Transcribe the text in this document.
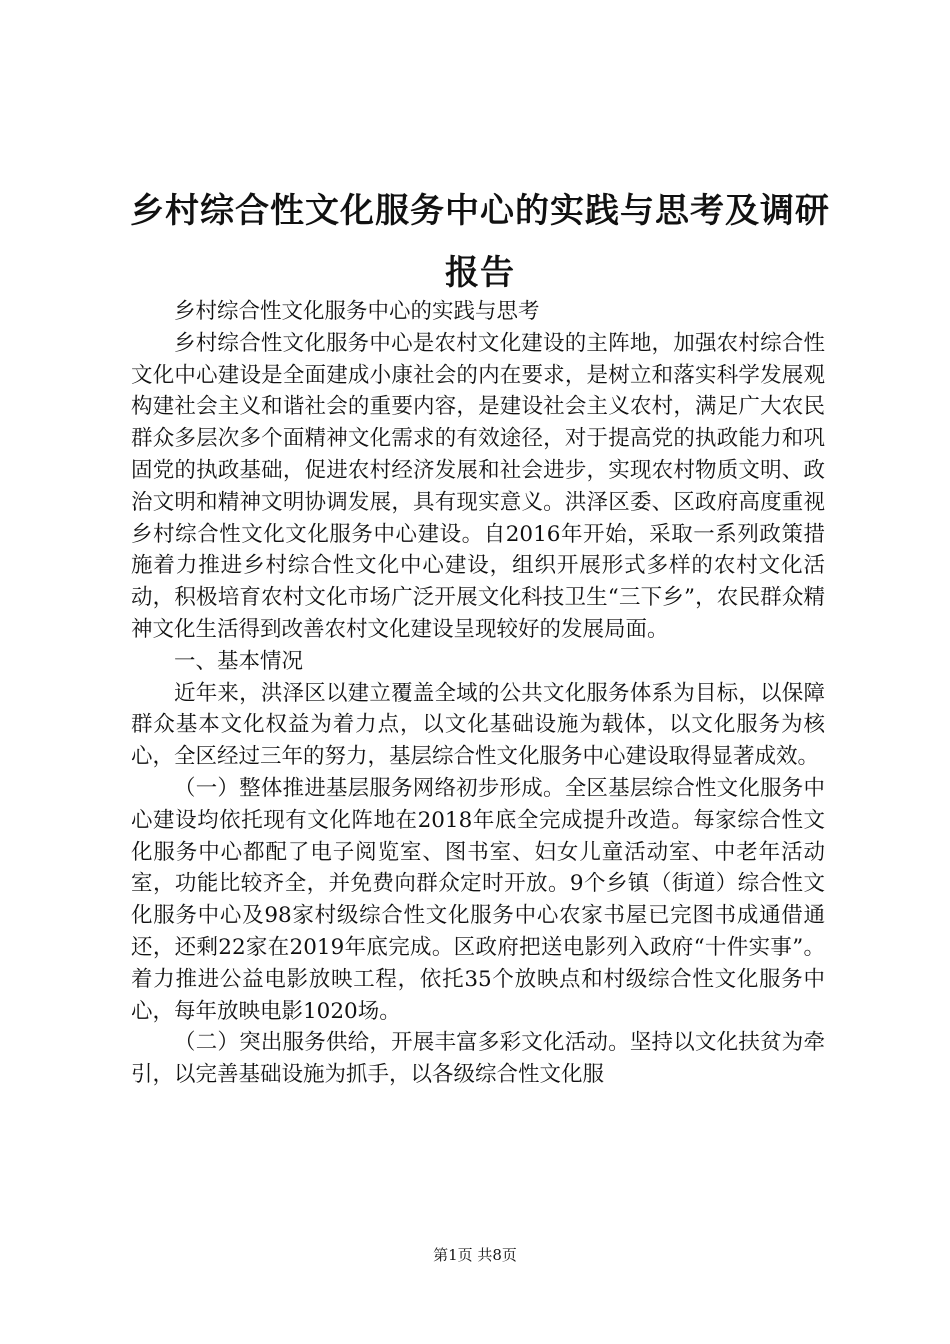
乡村综合性文化服务中心的实践与思考及调研报告

乡村综合性文化服务中心的实践与思考

乡村综合性文化服务中心是农村文化建设的主阵地，加强农村综合性文化中心建设是全面建成小康社会的内在要求，是树立和落实科学发展观构建社会主义和谐社会的重要内容，是建设社会主义农村，满足广大农民群众多层次多个面精神文化需求的有效途径，对于提高党的执政能力和巩固党的执政基础，促进农村经济发展和社会进步，实现农村物质文明、政治文明和精神文明协调发展，具有现实意义。洪泽区委、区政府高度重视乡村综合性文化文化服务中心建设。自2016年开始，采取一系列政策措施着力推进乡村综合性文化中心建设，组织开展形式多样的农村文化活动，积极培育农村文化市场广泛开展文化科技卫生“三下乡”，农民群众精神文化生活得到改善农村文化建设呈现较好的发展局面。

一、基本情况

近年来，洪泽区以建立覆盖全域的公共文化服务体系为目标，以保障群众基本文化权益为着力点，以文化基础设施为载体，以文化服务为核心，全区经过三年的努力，基层综合性文化服务中心建设取得显著成效。

（一）整体推进基层服务网络初步形成。全区基层综合性文化服务中心建设均依托现有文化阵地在2018年底全完成提升改造。每家综合性文化服务中心都配了电子阅览室、图书室、妇女儿童活动室、中老年活动室，功能比较齐全，并免费向群众定时开放。9个乡镇（街道）综合性文化服务中心及98家村级综合性文化服务中心农家书屋已完图书成通借通还，还剩22家在2019年底完成。区政府把送电影列入政府“十件实事”。着力推进公益电影放映工程，依托35个放映点和村级综合性文化服务中心，每年放映电影1020场。

（二）突出服务供给，开展丰富多彩文化活动。坚持以文化扶贫为牵引，以完善基础设施为抓手，以各级综合性文化服

第1页 共8页
